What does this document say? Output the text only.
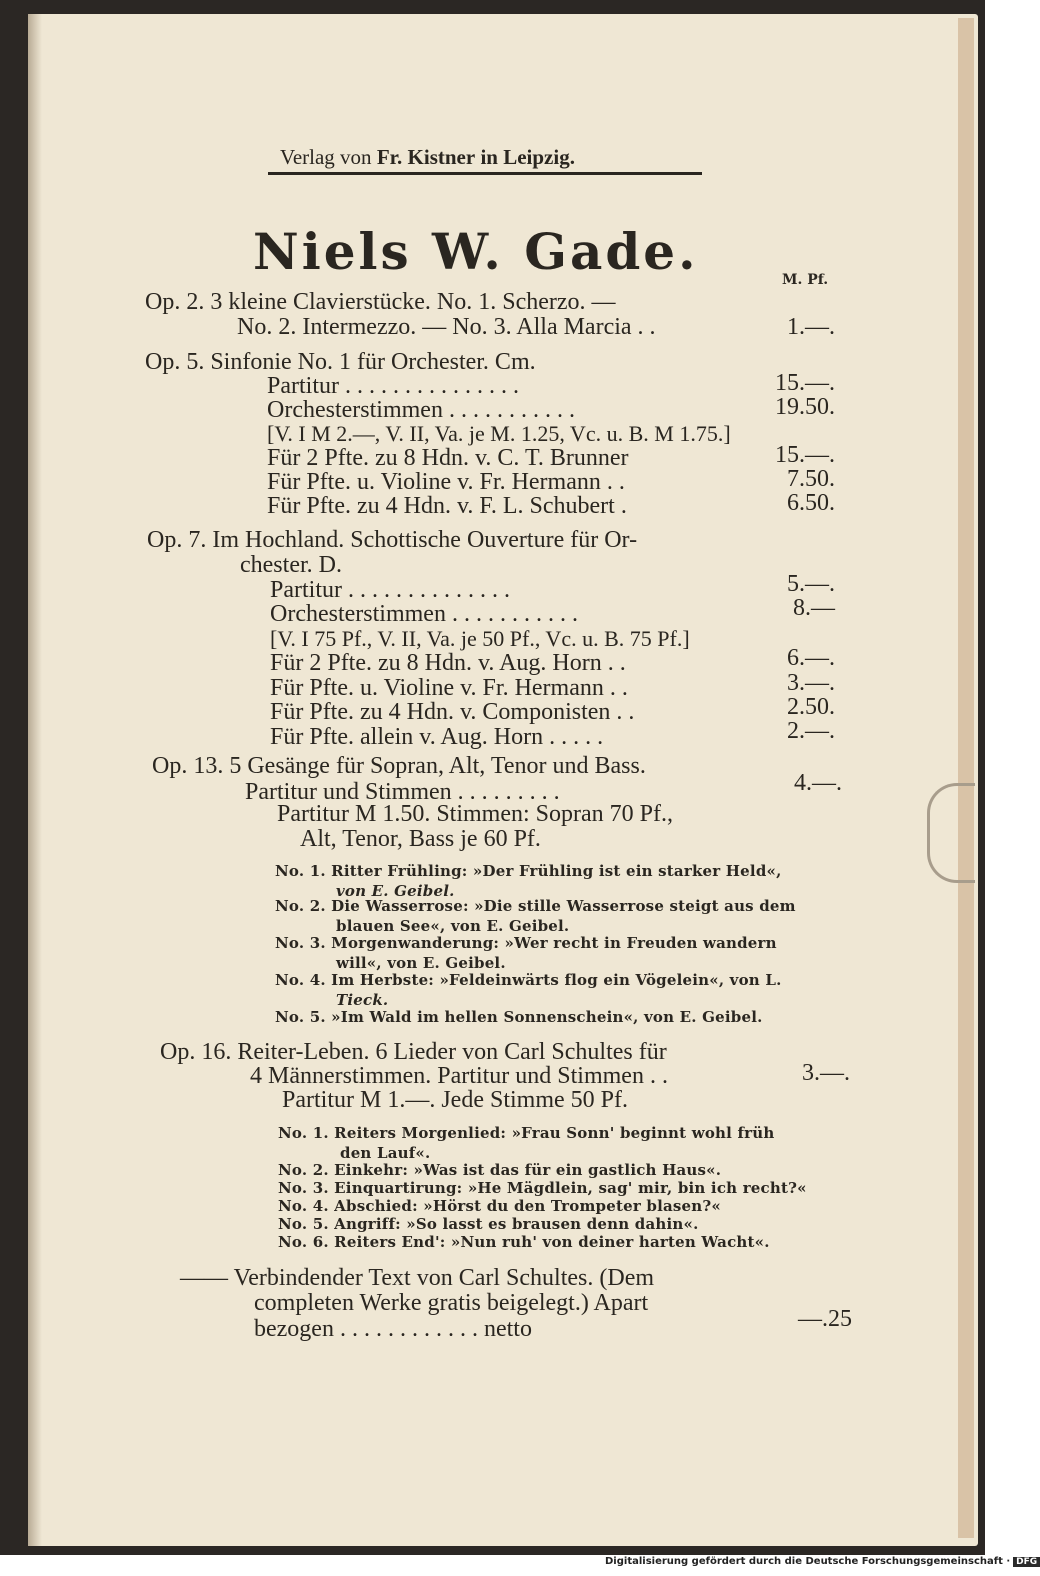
Verlag von Fr. Kistner in Leipzig.
Niels W. Gade.	M. Pf.
Op. 2. 3 kleine Clavierstücke. No. 1. Scherzo. —
No. 2. Intermezzo. — No. 3. Alla Marcia . .	1.—.
Op. 5. Sinfonie No. 1 für Orchester. Cm.
Partitur . . . . . . . . . . . . . . .	15.—.
Orchesterstimmen . . . . . . . . . . .	19.50.
[V. I M 2.—, V. II, Va. je M. 1.25, Vc. u. B. M 1.75.]
Für 2 Pfte. zu 8 Hdn. v. C. T. Brunner	15.—.
Für Pfte. u. Violine v. Fr. Hermann . .	7.50.
Für Pfte. zu 4 Hdn. v. F. L. Schubert .	6.50.
Op. 7. Im Hochland. Schottische Ouverture für Or-
chester. D.
Partitur . . . . . . . . . . . . . .	5.—.
Orchesterstimmen . . . . . . . . . . .	8.—
[V. I 75 Pf., V. II, Va. je 50 Pf., Vc. u. B. 75 Pf.]
Für 2 Pfte. zu 8 Hdn. v. Aug. Horn . .	6.—.
Für Pfte. u. Violine v. Fr. Hermann . .	3.—.
Für Pfte. zu 4 Hdn. v. Componisten . .	2.50.
Für Pfte. allein v. Aug. Horn . . . . .	2.—.
Op. 13. 5 Gesänge für Sopran, Alt, Tenor und Bass.
Partitur und Stimmen . . . . . . . . .	4.—.
Partitur M 1.50. Stimmen: Sopran 70 Pf.,
Alt, Tenor, Bass je 60 Pf.
No. 1. Ritter Frühling: »Der Frühling ist ein starker Held«,
von E. Geibel.
No. 2. Die Wasserrose: »Die stille Wasserrose steigt aus dem
blauen See«, von E. Geibel.
No. 3. Morgenwanderung: »Wer recht in Freuden wandern
will«, von E. Geibel.
No. 4. Im Herbste: »Feldeinwärts flog ein Vögelein«, von L.
Tieck.
No. 5. »Im Wald im hellen Sonnenschein«, von E. Geibel.
Op. 16. Reiter-Leben. 6 Lieder von Carl Schultes für
4 Männerstimmen. Partitur und Stimmen . .	3.—.
Partitur M 1.—. Jede Stimme 50 Pf.
No. 1. Reiters Morgenlied: »Frau Sonn' beginnt wohl früh
den Lauf«.
No. 2. Einkehr: »Was ist das für ein gastlich Haus«.
No. 3. Einquartirung: »He Mägdlein, sag' mir, bin ich recht?«
No. 4. Abschied: »Hörst du den Trompeter blasen?«
No. 5. Angriff: »So lasst es brausen denn dahin«.
No. 6. Reiters End': »Nun ruh' von deiner harten Wacht«.
—— Verbindender Text von Carl Schultes. (Dem
completen Werke gratis beigelegt.) Apart
bezogen . . . . . . . . . . . . netto	—.25
Digitalisierung gefördert durch die Deutsche Forschungsgemeinschaft · DFG
